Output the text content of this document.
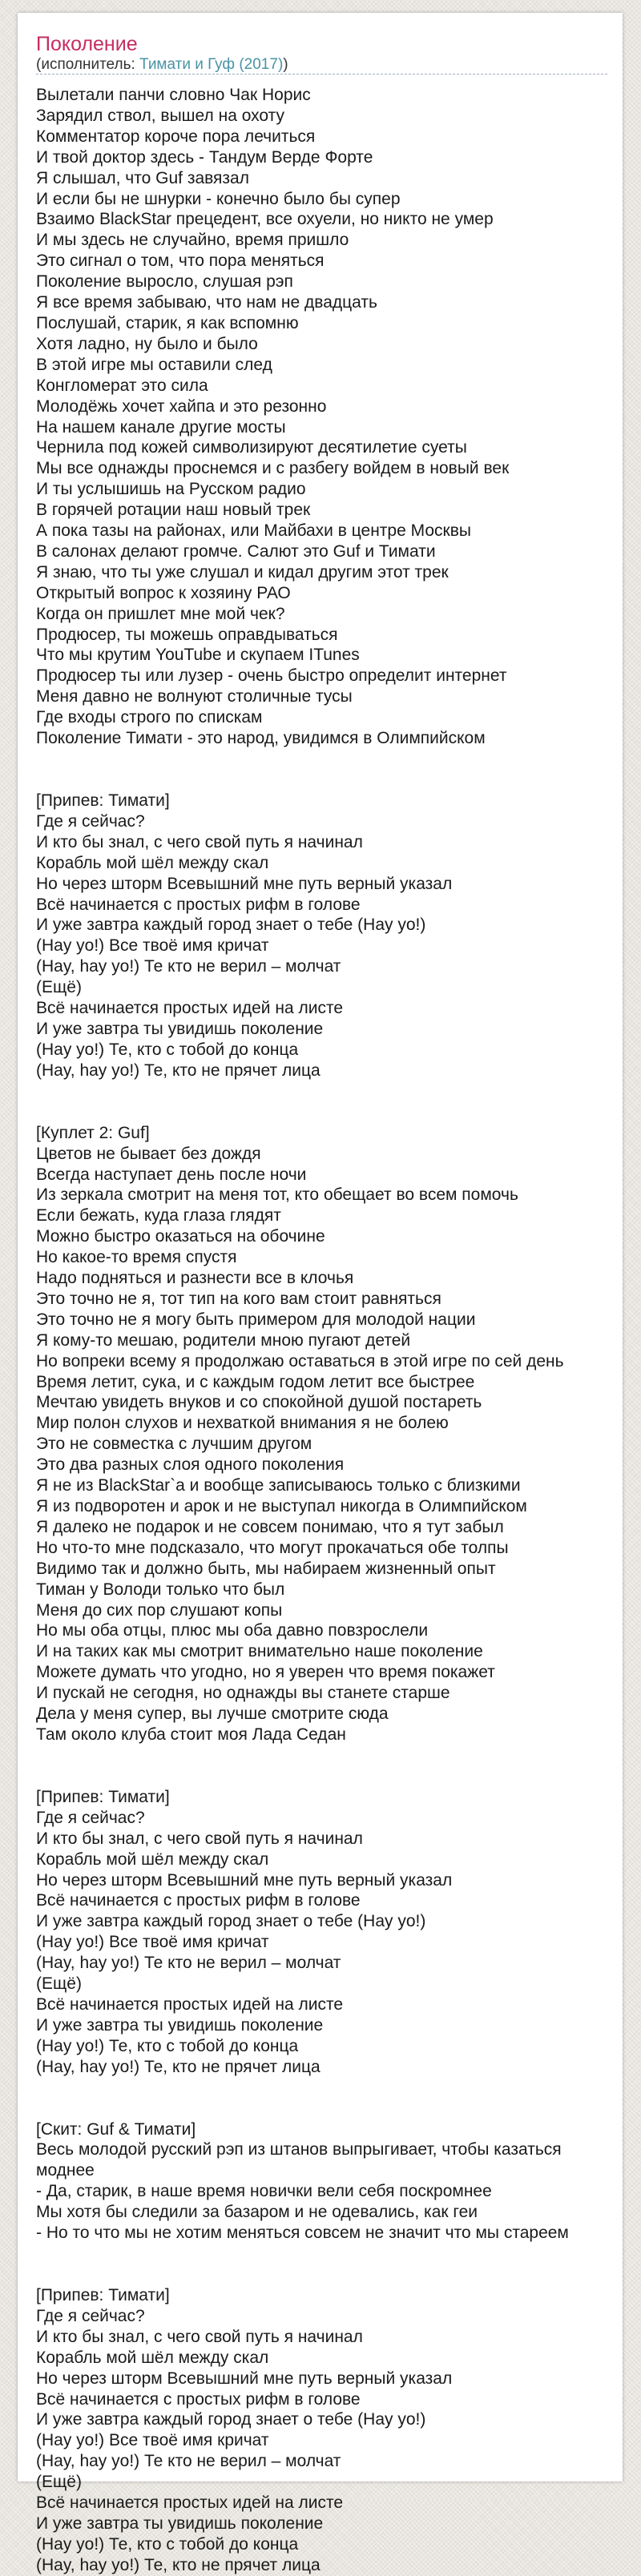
Поколение
(исполнитель: Тимати и Гуф (2017))
Вылетали панчи словно Чак Норис
Зарядил ствол, вышел на охоту
Комментатор короче пора лечиться
И твой доктор здесь - Тандум Верде Форте
Я слышал, что Guf завязал
И если бы не шнурки - конечно было бы супер
Взаимо BlackStar прецедент, все охуели, но никто не умер
И мы здесь не случайно, время пришло
Это сигнал о том, что пора меняться
Поколение выросло, слушая рэп
Я все время забываю, что нам не двадцать
Послушай, старик, я как вспомню
Хотя ладно, ну было и было
В этой игре мы оставили след
Конгломерат это сила
Молодёжь хочет хайпа и это резонно
На нашем канале другие мосты
Чернила под кожей символизируют десятилетие суеты
Мы все однажды проснемся и с разбегу войдем в новый век
И ты услышишь на Русском радио
В горячей ротации наш новый трек
А пока тазы на районах, или Майбахи в центре Москвы
В салонах делают громче. Салют это Guf и Тимати
Я знаю, что ты уже слушал и кидал другим этот трек
Открытый вопрос к хозяину РАО
Когда он пришлет мне мой чек?
Продюсер, ты можешь оправдываться
Что мы крутим YouTube и скупаем ITunes
Продюсер ты или лузер - очень быстро определит интернет
Меня давно не волнуют столичные тусы
Где входы строго по спискам
Поколение Тимати - это народ, увидимся в Олимпийском
[Припев: Тимати]
Где я сейчас?
И кто бы знал, с чего свой путь я начинал
Корабль мой шёл между скал
Но через шторм Всевышний мне путь верный указал
Всё начинается с простых рифм в голове
И уже завтра каждый город знает о тебе (Hay yo!)
(Hay yo!) Все твоё имя кричат
(Hay, hay yo!) Те кто не верил – молчат
(Ещё)
Всё начинается простых идей на листе
И уже завтра ты увидишь поколение
(Hay yo!) Те, кто с тобой до конца
(Hay, hay yo!) Те, кто не прячет лица
[Куплет 2: Guf]
Цветов не бывает без дождя
Всегда наступает день после ночи
Из зеркала смотрит на меня тот, кто обещает во всем помочь
Если бежать, куда глаза глядят
Можно быстро оказаться на обочине
Но какое-то время спустя
Надо подняться и разнести все в клочья
Это точно не я, тот тип на кого вам стоит равняться
Это точно не я могу быть примером для молодой нации
Я кому-то мешаю, родители мною пугают детей
Но вопреки всему я продолжаю оставаться в этой игре по сей день
Время летит, сука, и с каждым годом летит все быстрее
Мечтаю увидеть внуков и со спокойной душой постареть
Мир полон слухов и нехваткой внимания я не болею
Это не совместка с лучшим другом
Это два разных слоя одного поколения
Я не из BlackStar`a и вообще записываюсь только с близкими
Я из подворотен и арок и не выступал никогда в Олимпийском
Я далеко не подарок и не совсем понимаю, что я тут забыл
Но что-то мне подсказало, что могут прокачаться обе толпы
Видимо так и должно быть, мы набираем жизненный опыт
Тиман у Володи только что был
Меня до сих пор слушают копы
Но мы оба отцы, плюс мы оба давно повзрослели
И на таких как мы смотрит внимательно наше поколение
Можете думать что угодно, но я уверен что время покажет
И пускай не сегодня, но однажды вы станете старше
Дела у меня супер, вы лучше смотрите сюда
Там около клуба стоит моя Лада Седан
[Припев: Тимати]
Где я сейчас?
И кто бы знал, с чего свой путь я начинал
Корабль мой шёл между скал
Но через шторм Всевышний мне путь верный указал
Всё начинается с простых рифм в голове
И уже завтра каждый город знает о тебе (Hay yo!)
(Hay yo!) Все твоё имя кричат
(Hay, hay yo!) Те кто не верил – молчат
(Ещё)
Всё начинается простых идей на листе
И уже завтра ты увидишь поколение
(Hay yo!) Те, кто с тобой до конца
(Hay, hay yo!) Те, кто не прячет лица
[Скит: Guf & Тимати]
Весь молодой русский рэп из штанов выпрыгивает, чтобы казаться моднее
- Да, старик, в наше время новички вели себя поскромнее
Мы хотя бы следили за базаром и не одевались, как геи
- Но то что мы не хотим меняться совсем не значит что мы стареем
[Припев: Тимати]
Где я сейчас?
И кто бы знал, с чего свой путь я начинал
Корабль мой шёл между скал
Но через шторм Всевышний мне путь верный указал
Всё начинается с простых рифм в голове
И уже завтра каждый город знает о тебе (Hay yo!)
(Hay yo!) Все твоё имя кричат
(Hay, hay yo!) Те кто не верил – молчат
(Ещё)
Всё начинается простых идей на листе
И уже завтра ты увидишь поколение
(Hay yo!) Те, кто с тобой до конца
(Hay, hay yo!) Те, кто не прячет лица
